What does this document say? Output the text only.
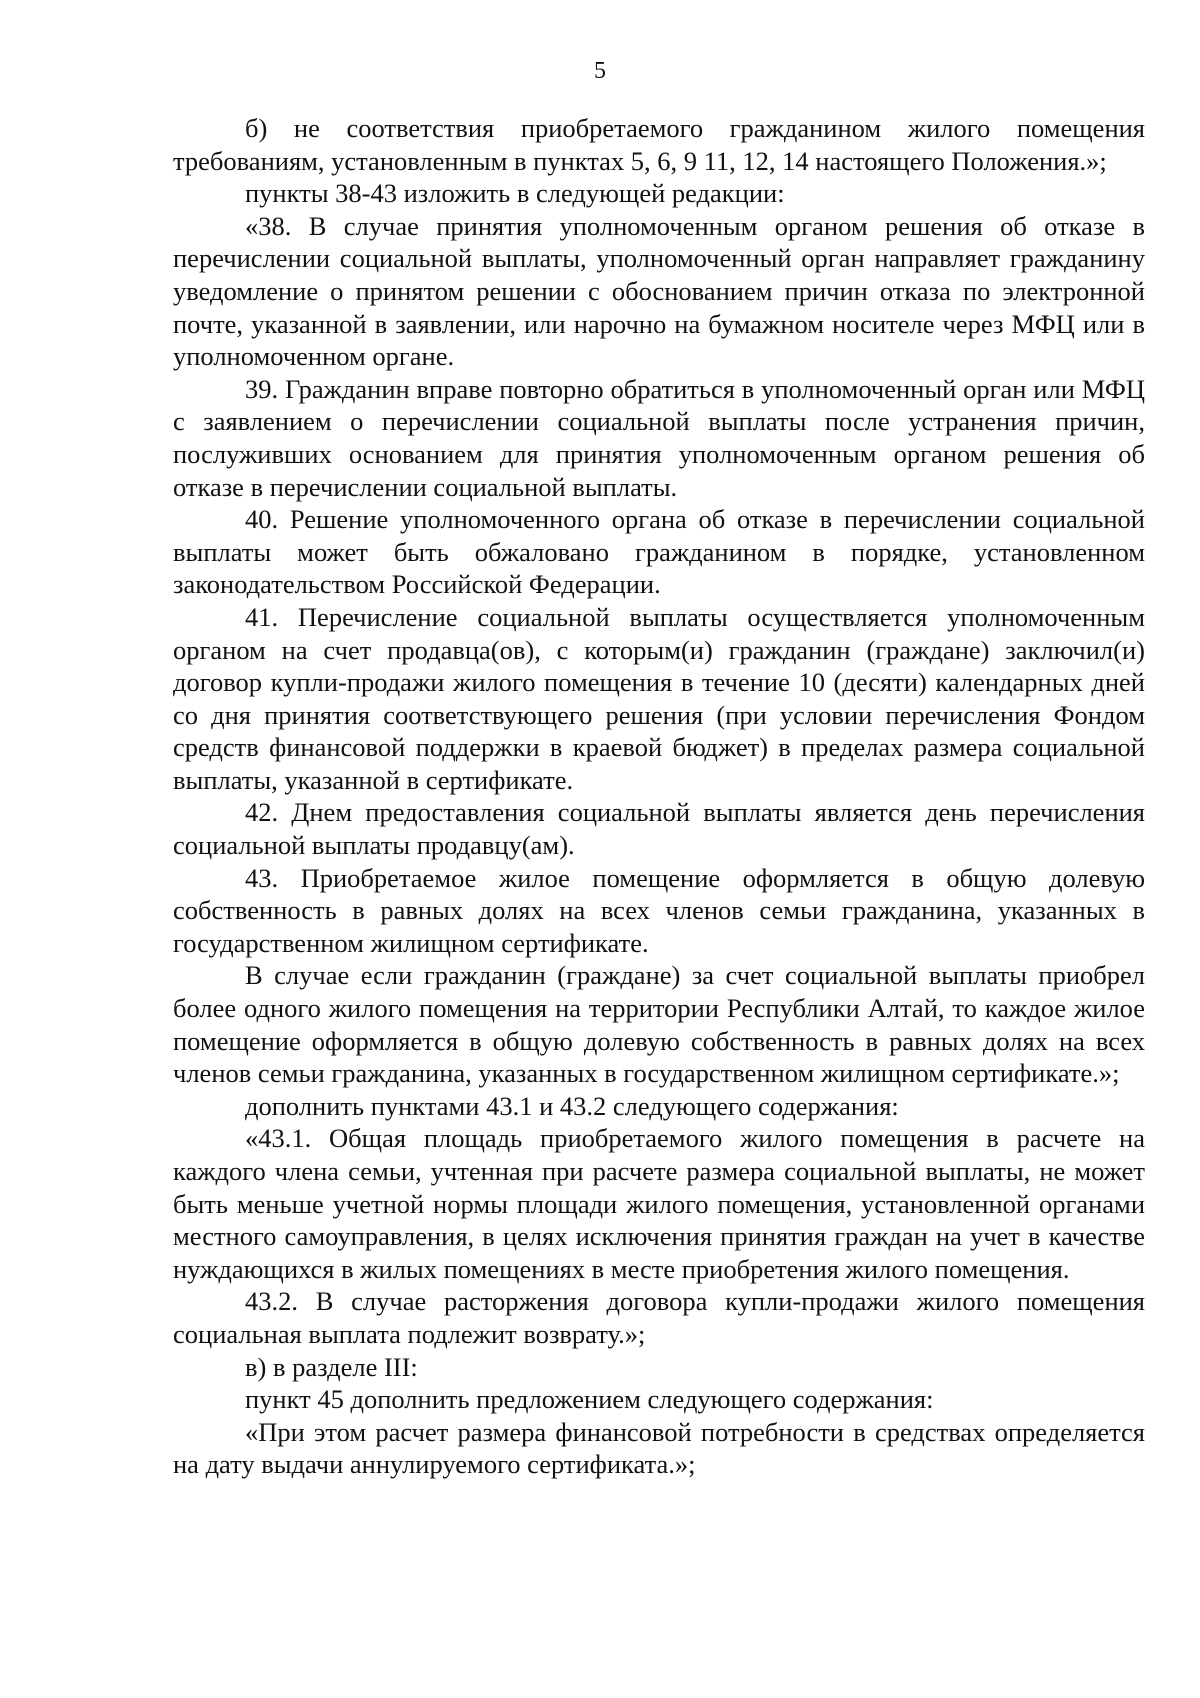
5

б) не соответствия приобретаемого гражданином жилого помещения требованиям, установленным в пунктах 5, 6, 9 11, 12, 14 настоящего Положения.»;

пункты 38-43 изложить в следующей редакции:

«38. В случае принятия уполномоченным органом решения об отказе в перечислении социальной выплаты, уполномоченный орган направляет гражданину уведомление о принятом решении с обоснованием причин отказа по электронной почте, указанной в заявлении, или нарочно на бумажном носителе через МФЦ или в уполномоченном органе.

39. Гражданин вправе повторно обратиться в уполномоченный орган или МФЦ с заявлением о перечислении социальной выплаты после устранения причин, послуживших основанием для принятия уполномоченным органом решения об отказе в перечислении социальной выплаты.

40. Решение уполномоченного органа об отказе в перечислении социальной выплаты может быть обжаловано гражданином в порядке, установленном законодательством Российской Федерации.

41. Перечисление социальной выплаты осуществляется уполномоченным органом на счет продавца(ов), с которым(и) гражданин (граждане) заключил(и) договор купли-продажи жилого помещения в течение 10 (десяти) календарных дней со дня принятия соответствующего решения (при условии перечисления Фондом средств финансовой поддержки в краевой бюджет) в пределах размера социальной выплаты, указанной в сертификате.

42. Днем предоставления социальной выплаты является день перечисления социальной выплаты продавцу(ам).

43. Приобретаемое жилое помещение оформляется в общую долевую собственность в равных долях на всех членов семьи гражданина, указанных в государственном жилищном сертификате.

В случае если гражданин (граждане) за счет социальной выплаты приобрел более одного жилого помещения на территории Республики Алтай, то каждое жилое помещение оформляется в общую долевую собственность в равных долях на всех членов семьи гражданина, указанных в государственном жилищном сертификате.»;

дополнить пунктами 43.1 и 43.2 следующего содержания:

«43.1. Общая площадь приобретаемого жилого помещения в расчете на каждого члена семьи, учтенная при расчете размера социальной выплаты, не может быть меньше учетной нормы площади жилого помещения, установленной органами местного самоуправления, в целях исключения принятия граждан на учет в качестве нуждающихся в жилых помещениях в месте приобретения жилого помещения.

43.2. В случае расторжения договора купли-продажи жилого помещения социальная выплата подлежит возврату.»;

в) в разделе III:

пункт 45 дополнить предложением следующего содержания:

«При этом расчет размера финансовой потребности в средствах определяется на дату выдачи аннулируемого сертификата.»;
